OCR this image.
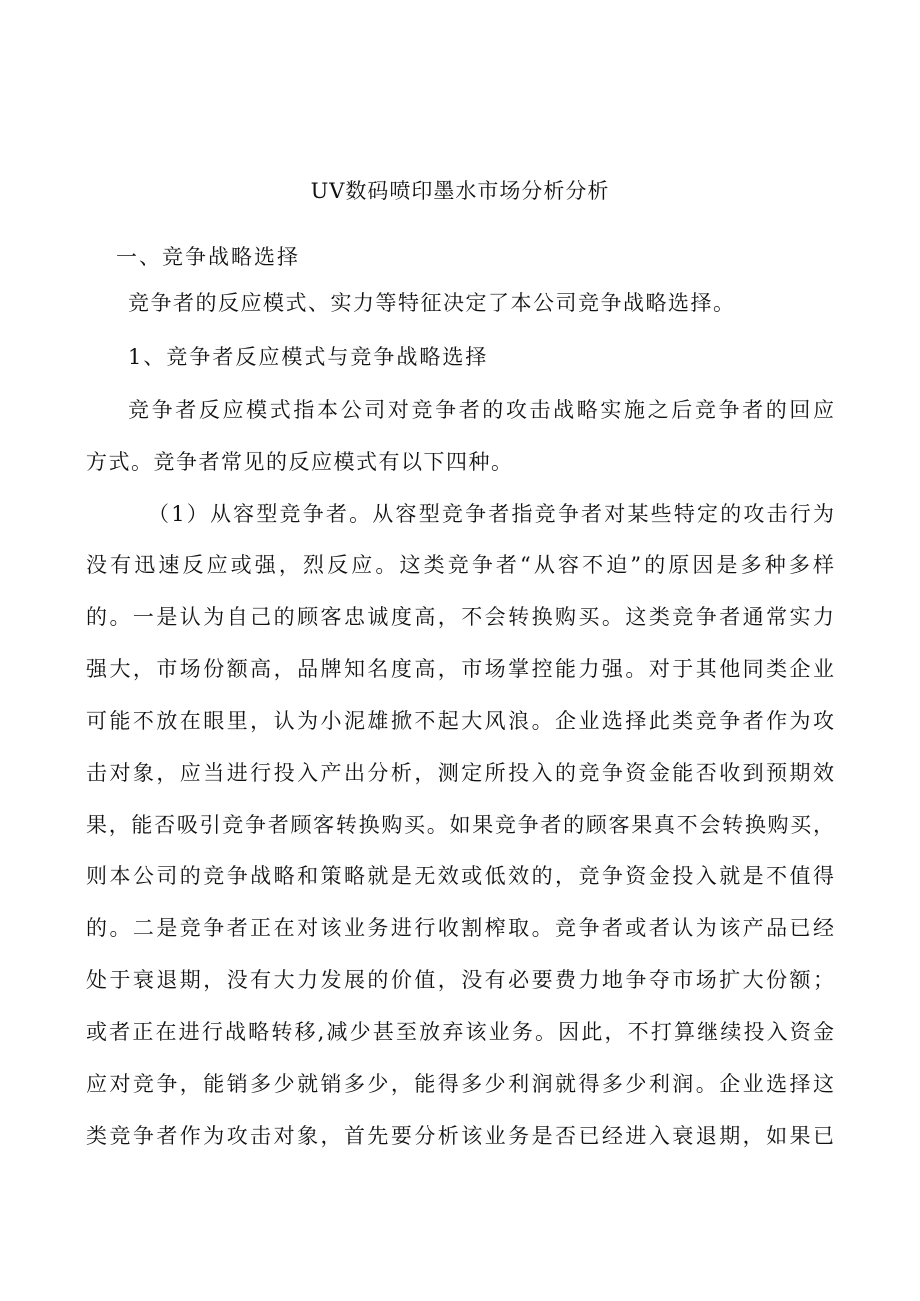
UV数码喷印墨水市场分析分析
一、竞争战略选择
竞争者的反应模式、实力等特征决定了本公司竞争战略选择。
1、竞争者反应模式与竞争战略选择
竞争者反应模式指本公司对竞争者的攻击战略实施之后竞争者的回应
方式。竞争者常见的反应模式有以下四种。
（1）从容型竞争者。从容型竞争者指竞争者对某些特定的攻击行为
没有迅速反应或强，烈反应。这类竞争者“从容不迫”的原因是多种多样
的。一是认为自己的顾客忠诚度高，不会转换购买。这类竞争者通常实力
强大，市场份额高，品牌知名度高，市场掌控能力强。对于其他同类企业
可能不放在眼里，认为小泥雄掀不起大风浪。企业选择此类竞争者作为攻
击对象，应当进行投入产出分析，测定所投入的竞争资金能否收到预期效
果，能否吸引竞争者顾客转换购买。如果竞争者的顾客果真不会转换购买，
则本公司的竞争战略和策略就是无效或低效的，竞争资金投入就是不值得
的。二是竞争者正在对该业务进行收割榨取。竞争者或者认为该产品已经
处于衰退期，没有大力发展的价值，没有必要费力地争夺市场扩大份额；
或者正在进行战略转移,减少甚至放弃该业务。因此，不打算继续投入资金
应对竞争，能销多少就销多少，能得多少利润就得多少利润。企业选择这
类竞争者作为攻击对象，首先要分析该业务是否已经进入衰退期，如果已
